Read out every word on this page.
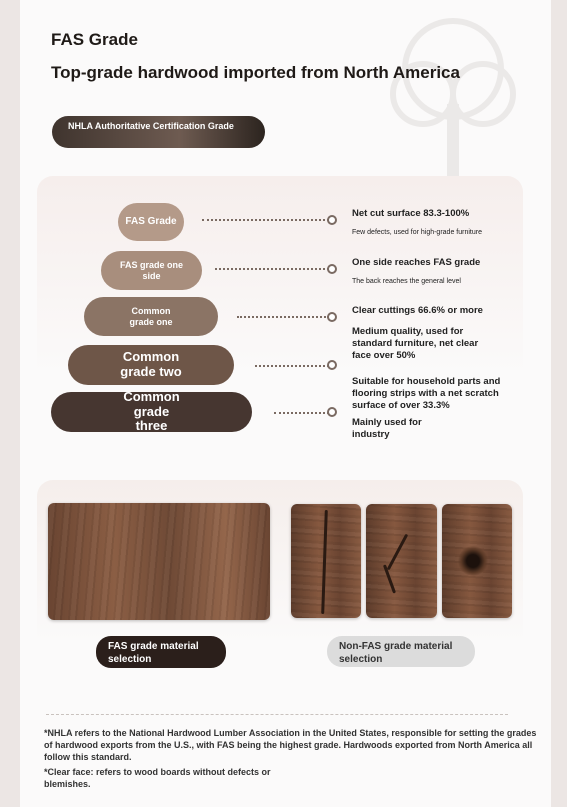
FAS Grade
Top-grade hardwood imported from North America
NHLA Authoritative Certification Grade
FAS Grade
FAS grade one side
Common grade one
Common grade two
Common grade three
Net cut surface 83.3-100%
Few defects, used for high-grade furniture
One side reaches FAS grade
The back reaches the general level
Clear cuttings 66.6% or more
Medium quality, used for standard furniture, net clear face over 50%
Suitable for household parts and flooring strips with a net scratch surface of over 33.3%
Mainly used for industry
FAS grade material selection
Non-FAS grade material selection
*NHLA refers to the National Hardwood Lumber Association in the United States, responsible for setting the grades of hardwood exports from the U.S., with FAS being the highest grade. Hardwoods exported from North America all follow this standard.
*Clear face: refers to wood boards without defects or blemishes.
